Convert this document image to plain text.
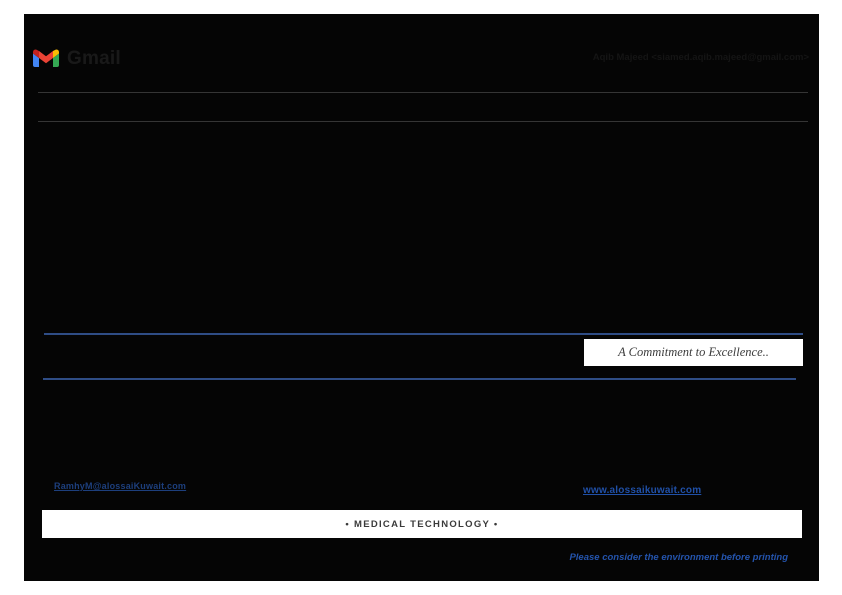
Gmail	Aqib Majeed <siamed.aqib.majeed@gmail.com>
A Commitment to Excellence..
RamhyM@alossaiKuwait.com	www.alossaikuwait.com
• MEDICAL TECHNOLOGY •
Please consider the environment before printing
